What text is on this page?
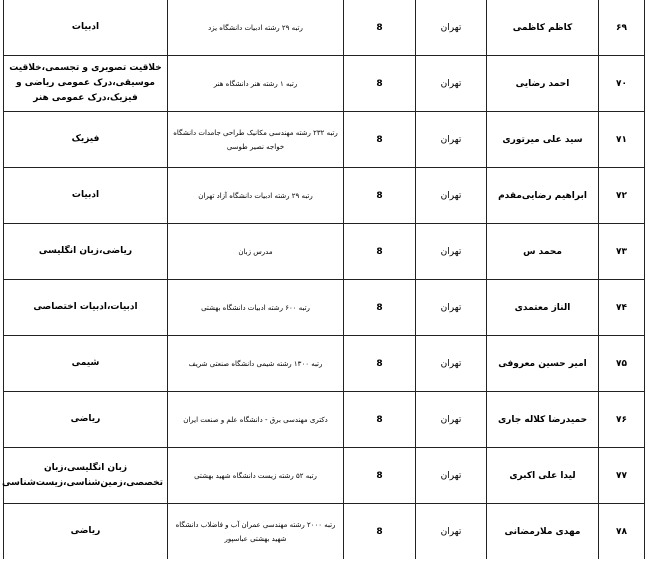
ادبیات	رتبه ۲۹ رشته ادبیات دانشگاه یزد	8	تهران	کاظم کاظمی	۶۹

خلاقیت تصویری و تجسمی،خلاقیت موسیقی،درک عمومی ریاضی و فیزیک،درک عمومی هنر	رتبه ۱ رشته هنر دانشگاه هنر	8	تهران	احمد رضایی	۷۰

فیزیک	رتبه ۲۳۲ رشته مهندسی مکانیک طراحی جامدات دانشگاه خواجه نصیر طوسی	8	تهران	سید علی میرتوری	۷۱

ادبیات	رتبه ۲۹ رشته ادبیات دانشگاه آزاد تهران	8	تهران	ابراهیم رضایی‌مقدم	۷۲

ریاضی،زبان انگلیسی	مدرس زبان	8	تهران	محمد س	۷۳

ادبیات،ادبیات اختصاصی	رتبه ۶۰۰ رشته ادبیات دانشگاه بهشتی	8	تهران	الناز معتمدی	۷۴

شیمی	رتبه ۱۳۰۰ رشته شیمی دانشگاه صنعتی شریف	8	تهران	امیر حسین معروفی	۷۵

ریاضی	دکتری مهندسی برق - دانشگاه علم و صنعت ایران	8	تهران	حمیدرضا کلاله جاری	۷۶

زبان انگلیسی،زبان تخصصی،زمین‌شناسی،زیست‌شناسی	رتبه ۵۲ رشته زیست دانشگاه شهید بهشتی	8	تهران	لیدا علی اکبری	۷۷

ریاضی	رتبه ۲۰۰۰ رشته مهندسی عمران آب و فاضلاب دانشگاه شهید بهشتی عباسپور	8	تهران	مهدی ملارمضانی	۷۸
